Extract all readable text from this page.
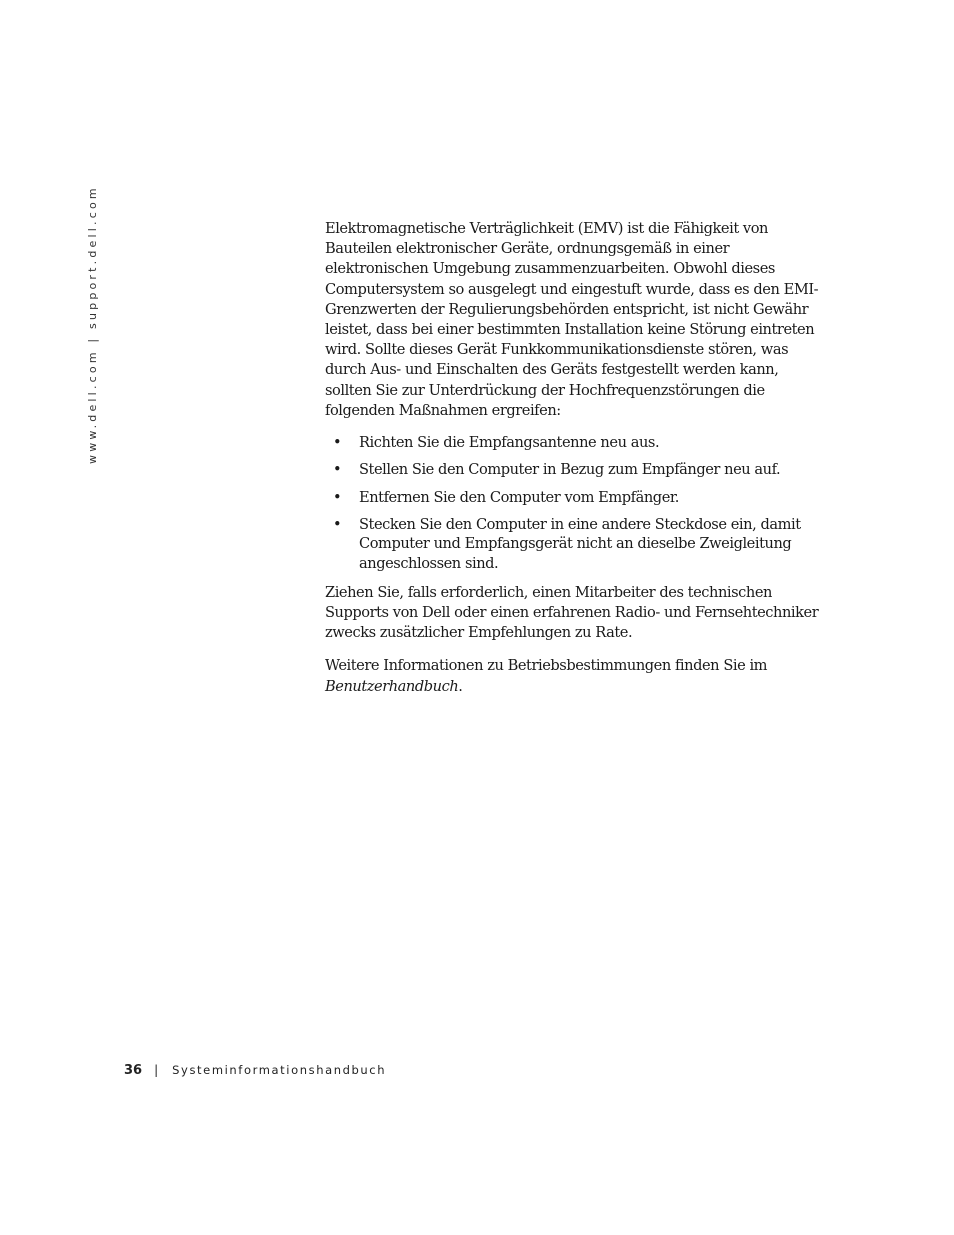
www.dell.com | support.dell.com	Elektromagnetische Verträglichkeit (EMV) ist die Fähigkeit von Bauteilen elektronischer Geräte, ordnungsgemäß in einer elektronischen Umgebung zusammenzuarbeiten. Obwohl dieses Computersystem so ausgelegt und eingestuft wurde, dass es den EMI-Grenzwerten der Regulierungsbehörden entspricht, ist nicht Gewähr leistet, dass bei einer bestimmten Installation keine Störung eintreten wird. Sollte dieses Gerät Funkkommunikationsdienste stören, was durch Aus- und Einschalten des Geräts festgestellt werden kann, sollten Sie zur Unterdrückung der Hochfrequenzstörungen die folgenden Maßnahmen ergreifen:

• Richten Sie die Empfangsantenne neu aus.
• Stellen Sie den Computer in Bezug zum Empfänger neu auf.
• Entfernen Sie den Computer vom Empfänger.
• Stecken Sie den Computer in eine andere Steckdose ein, damit Computer und Empfangsgerät nicht an dieselbe Zweigleitung angeschlossen sind.

Ziehen Sie, falls erforderlich, einen Mitarbeiter des technischen Supports von Dell oder einen erfahrenen Radio- und Fernsehtechniker zwecks zusätzlicher Empfehlungen zu Rate.

Weitere Informationen zu Betriebsbestimmungen finden Sie im Benutzerhandbuch.

36 | Systeminformationshandbuch
